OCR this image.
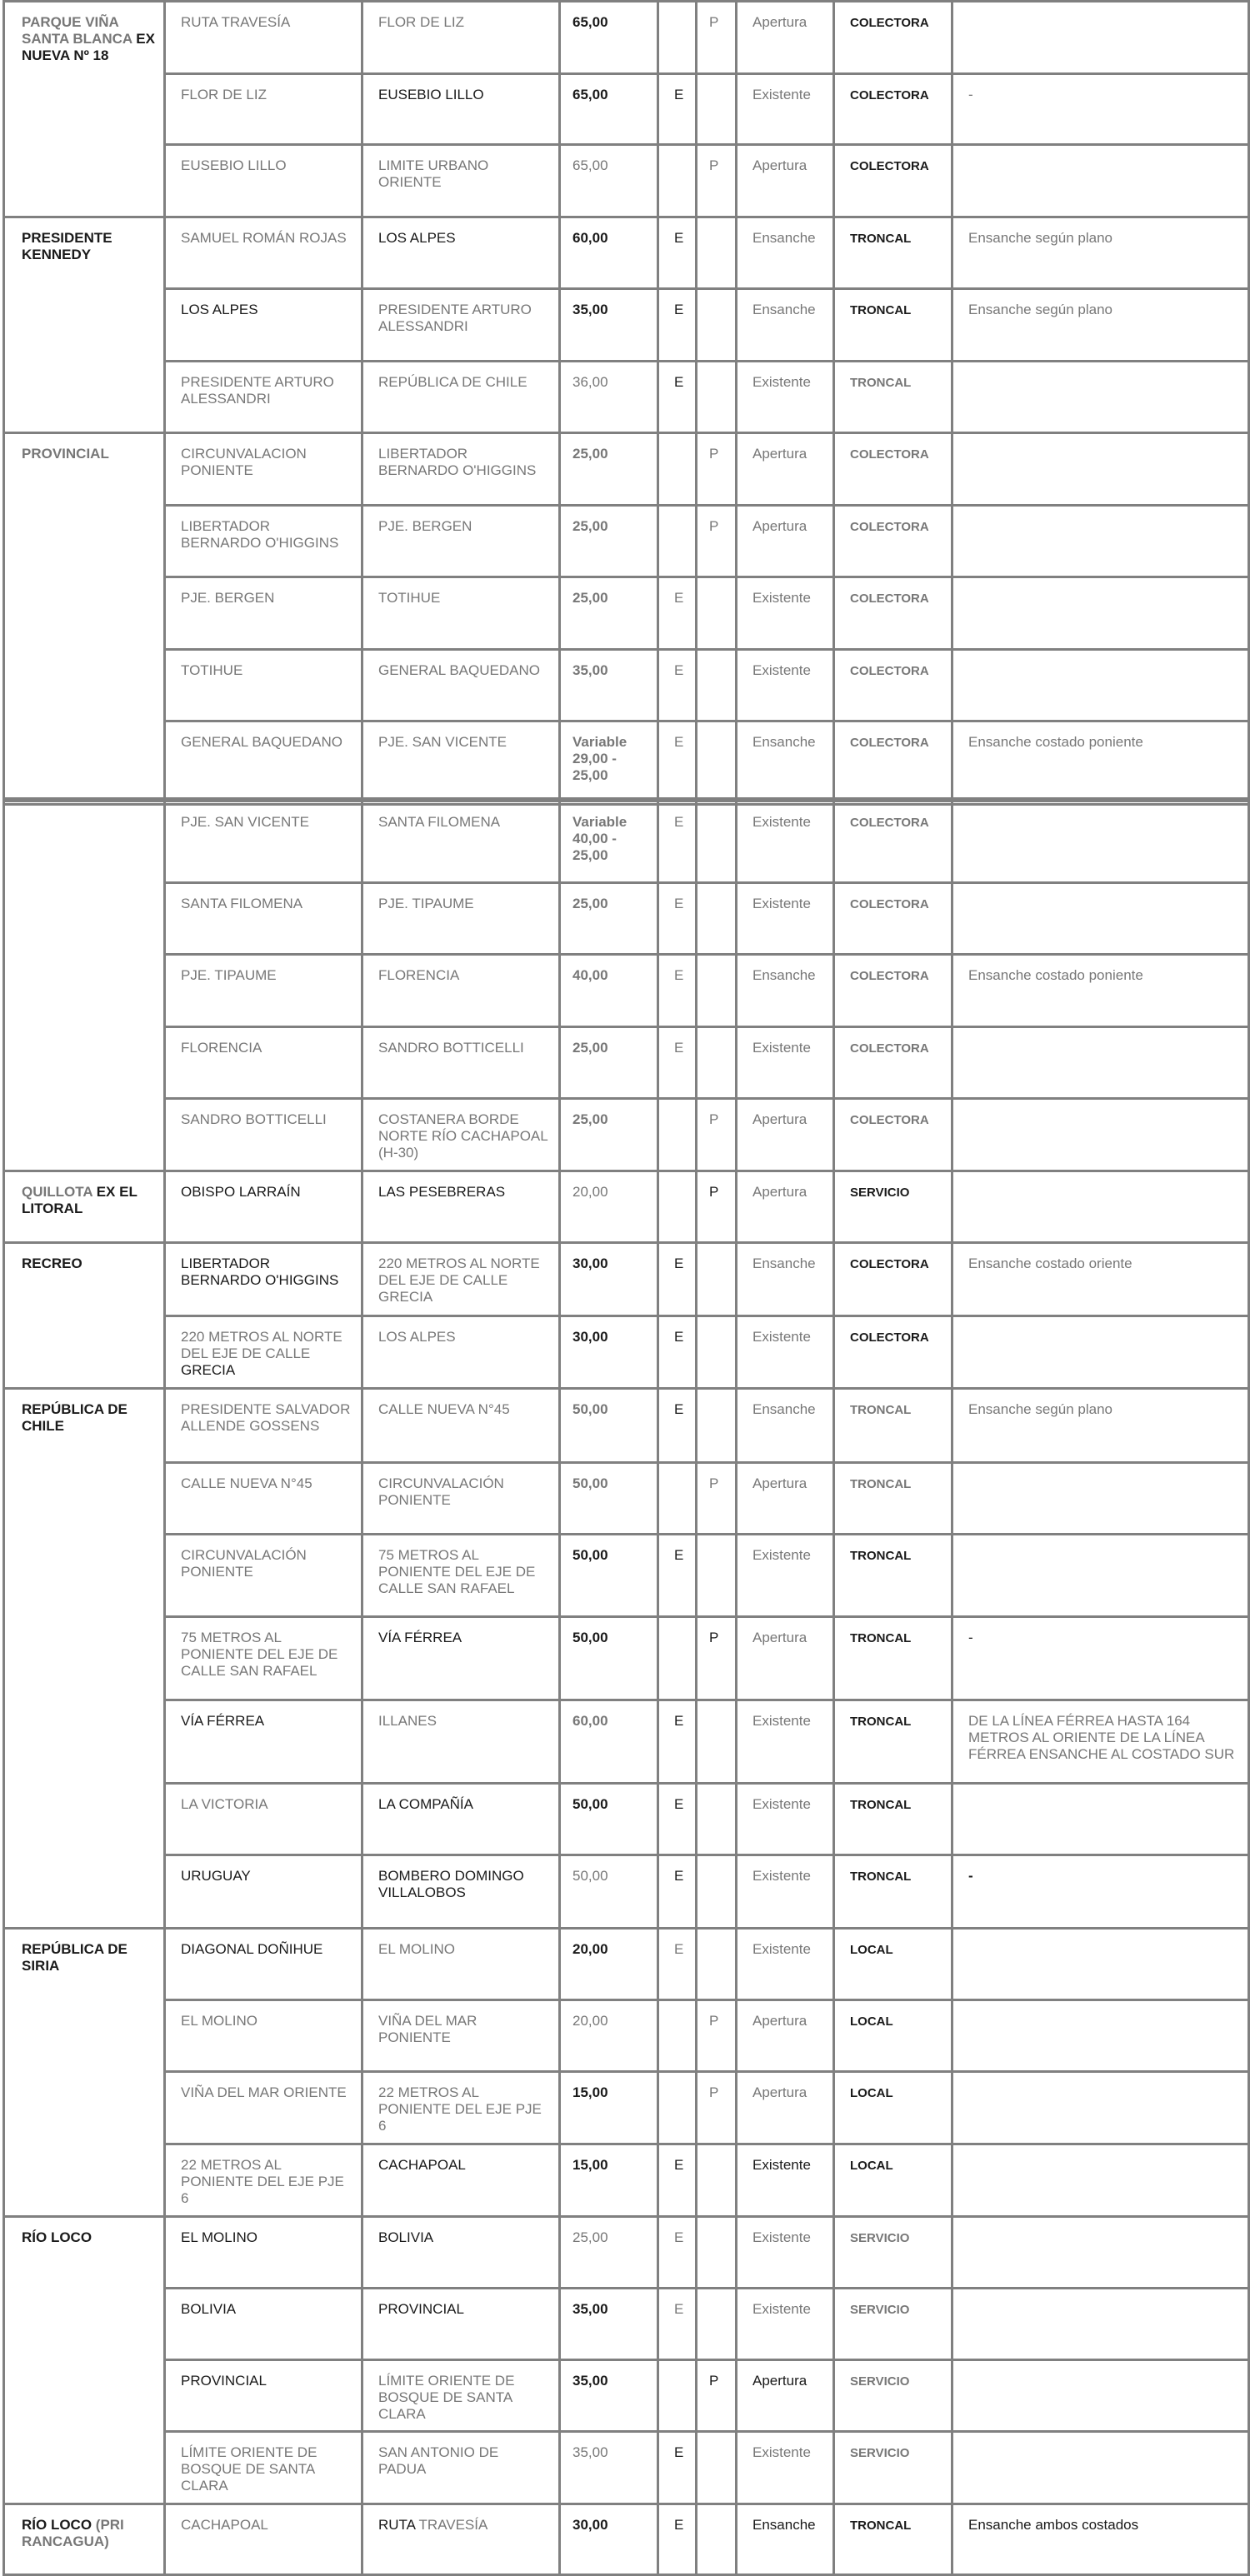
PARQUE VIÑA SANTA BLANCA EX NUEVA Nº 18	RUTA TRAVESÍA	FLOR DE LIZ	65,00		P	Apertura	COLECTORA	
	FLOR DE LIZ	EUSEBIO LILLO	65,00	E		Existente	COLECTORA	-
	EUSEBIO LILLO	LIMITE URBANO ORIENTE	65,00		P	Apertura	COLECTORA	
PRESIDENTE KENNEDY	SAMUEL ROMÁN ROJAS	LOS ALPES	60,00	E		Ensanche	TRONCAL	Ensanche según plano
	LOS ALPES	PRESIDENTE ARTURO ALESSANDRI	35,00	E		Ensanche	TRONCAL	Ensanche según plano
	PRESIDENTE ARTURO ALESSANDRI	REPÚBLICA DE CHILE	36,00	E		Existente	TRONCAL	
PROVINCIAL	CIRCUNVALACION PONIENTE	LIBERTADOR BERNARDO O'HIGGINS	25,00		P	Apertura	COLECTORA	
	LIBERTADOR BERNARDO O'HIGGINS	PJE. BERGEN	25,00		P	Apertura	COLECTORA	
	PJE. BERGEN	TOTIHUE	25,00	E		Existente	COLECTORA	
	TOTIHUE	GENERAL BAQUEDANO	35,00	E		Existente	COLECTORA	
	GENERAL BAQUEDANO	PJE. SAN VICENTE	Variable 29,00 - 25,00	E		Ensanche	COLECTORA	Ensanche costado poniente
	PJE. SAN VICENTE	SANTA FILOMENA	Variable 40,00 - 25,00	E		Existente	COLECTORA	
	SANTA FILOMENA	PJE. TIPAUME	25,00	E		Existente	COLECTORA	
	PJE. TIPAUME	FLORENCIA	40,00	E		Ensanche	COLECTORA	Ensanche costado poniente
	FLORENCIA	SANDRO BOTTICELLI	25,00	E		Existente	COLECTORA	
	SANDRO BOTTICELLI	COSTANERA BORDE NORTE RÍO CACHAPOAL (H-30)	25,00		P	Apertura	COLECTORA	
QUILLOTA EX EL LITORAL	OBISPO LARRAÍN	LAS PESEBRERAS	20,00		P	Apertura	SERVICIO	
RECREO	LIBERTADOR BERNARDO O'HIGGINS	220 METROS AL NORTE DEL EJE DE CALLE GRECIA	30,00	E		Ensanche	COLECTORA	Ensanche costado oriente
	220 METROS AL NORTE DEL EJE DE CALLE GRECIA	LOS ALPES	30,00	E		Existente	COLECTORA	
REPÚBLICA DE CHILE	PRESIDENTE SALVADOR ALLENDE GOSSENS	CALLE NUEVA N°45	50,00	E		Ensanche	TRONCAL	Ensanche según plano
	CALLE NUEVA N°45	CIRCUNVALACIÓN PONIENTE	50,00		P	Apertura	TRONCAL	
	CIRCUNVALACIÓN PONIENTE	75 METROS AL PONIENTE DEL EJE DE CALLE SAN RAFAEL	50,00	E		Existente	TRONCAL	
	75 METROS AL PONIENTE DEL EJE DE CALLE SAN RAFAEL	VÍA FÉRREA	50,00		P	Apertura	TRONCAL	-
	VÍA FÉRREA	ILLANES	60,00	E		Existente	TRONCAL	DE LA LÍNEA FÉRREA HASTA 164 METROS AL ORIENTE DE LA LÍNEA FÉRREA ENSANCHE AL COSTADO SUR
	LA VICTORIA	LA COMPAÑÍA	50,00	E		Existente	TRONCAL	
	URUGUAY	BOMBERO DOMINGO VILLALOBOS	50,00	E		Existente	TRONCAL	-
REPÚBLICA DE SIRIA	DIAGONAL DOÑIHUE	EL MOLINO	20,00	E		Existente	LOCAL	
	EL MOLINO	VIÑA DEL MAR PONIENTE	20,00		P	Apertura	LOCAL	
	VIÑA DEL MAR ORIENTE	22 METROS AL PONIENTE DEL EJE PJE 6	15,00		P	Apertura	LOCAL	
	22 METROS AL PONIENTE DEL EJE PJE 6	CACHAPOAL	15,00	E		Existente	LOCAL	
RÍO LOCO	EL MOLINO	BOLIVIA	25,00	E		Existente	SERVICIO	
	BOLIVIA	PROVINCIAL	35,00	E		Existente	SERVICIO	
	PROVINCIAL	LÍMITE ORIENTE DE BOSQUE DE SANTA CLARA	35,00		P	Apertura	SERVICIO	
	LÍMITE ORIENTE DE BOSQUE DE SANTA CLARA	SAN ANTONIO DE PADUA	35,00	E		Existente	SERVICIO	
RÍO LOCO (PRI RANCAGUA)	CACHAPOAL	RUTA TRAVESÍA	30,00	E		Ensanche	TRONCAL	Ensanche ambos costados
